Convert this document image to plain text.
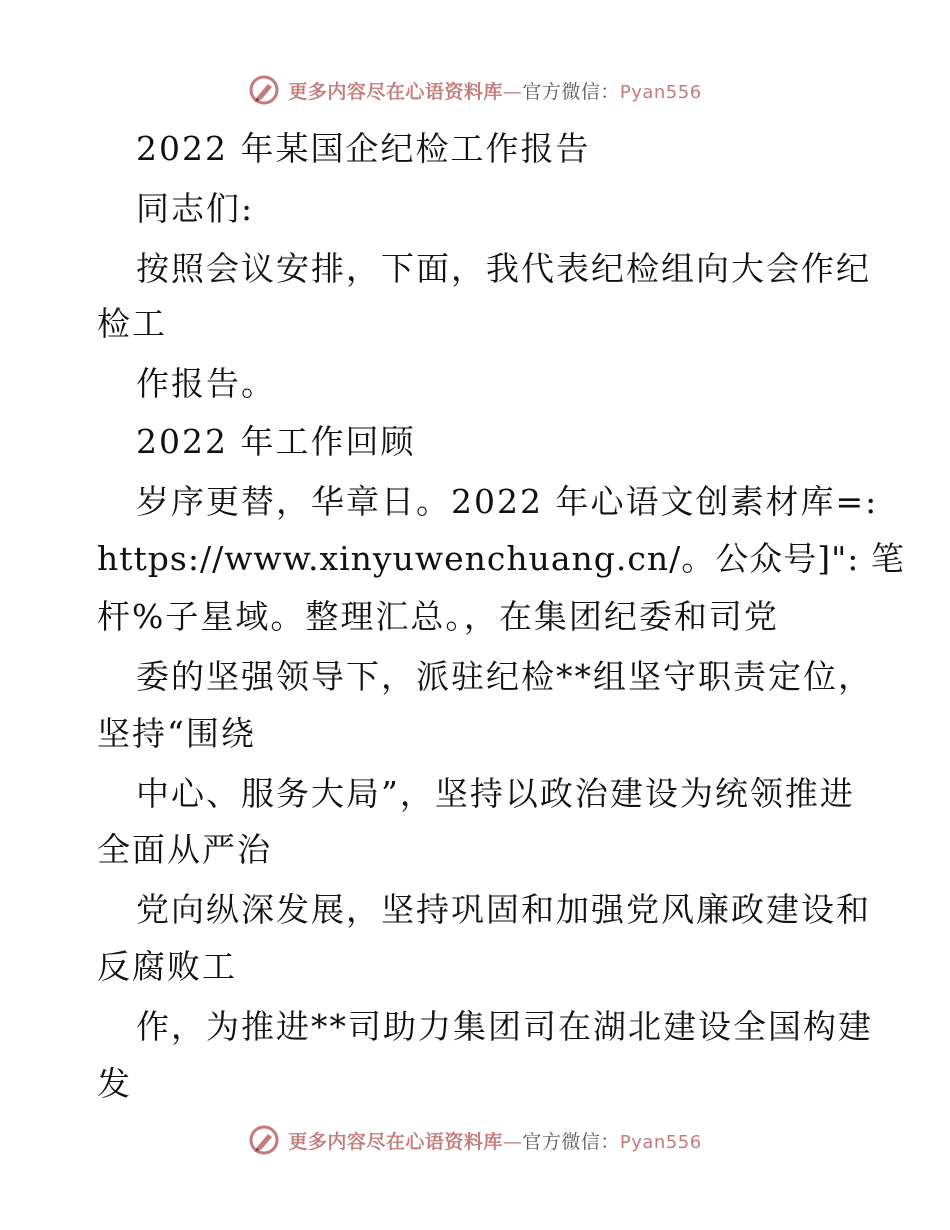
更多内容尽在心语资料库—官方微信：Pyan556
2022 年某国企纪检工作报告
同志们:
按照会议安排，下面，我代表纪检组向大会作纪
检工
作报告。
2022 年工作回顾
岁序更替，华章日。2022 年心语文创素材库=:
https://www.xinyuwenchuang.cn/。公众号]": 笔
杆%子星域。整理汇总。，在集团纪委和司党
委的坚强领导下，派驻纪检**组坚守职责定位，
坚持“围绕
中心、服务大局”，坚持以政治建设为统领推进
全面从严治
党向纵深发展，坚持巩固和加强党风廉政建设和
反腐败工
作，为推进**司助力集团司在湖北建设全国构建
发
更多内容尽在心语资料库—官方微信：Pyan556
